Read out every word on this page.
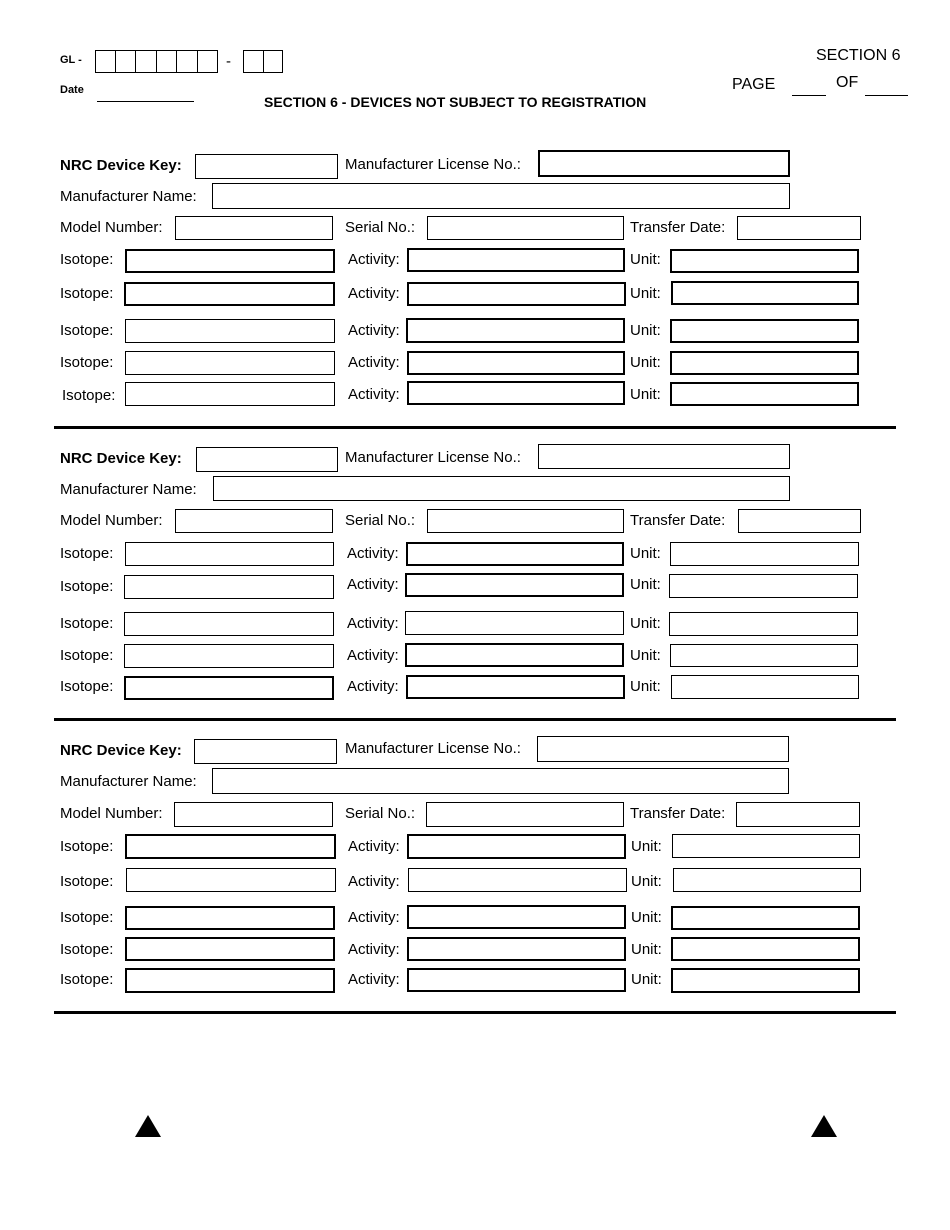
GL -	-
Date
SECTION 6 - DEVICES NOT SUBJECT TO REGISTRATION
SECTION 6
PAGE	OF
NRC Device Key:	Manufacturer License No.:
Manufacturer Name:
Model Number:	Serial No.:	Transfer Date:
Isotope:	Activity:	Unit:
Isotope:	Activity:	Unit:
Isotope:	Activity:	Unit:
Isotope:	Activity:	Unit:
Isotope:	Activity:	Unit:
NRC Device Key:	Manufacturer License No.:
Manufacturer Name:
Model Number:	Serial No.:	Transfer Date:
Isotope:	Activity:	Unit:
Isotope:	Activity:	Unit:
Isotope:	Activity:	Unit:
Isotope:	Activity:	Unit:
Isotope:	Activity:	Unit:
NRC Device Key:	Manufacturer License No.:
Manufacturer Name:
Model Number:	Serial No.:	Transfer Date:
Isotope:	Activity:	Unit:
Isotope:	Activity:	Unit:
Isotope:	Activity:	Unit:
Isotope:	Activity:	Unit:
Isotope:	Activity:	Unit:
